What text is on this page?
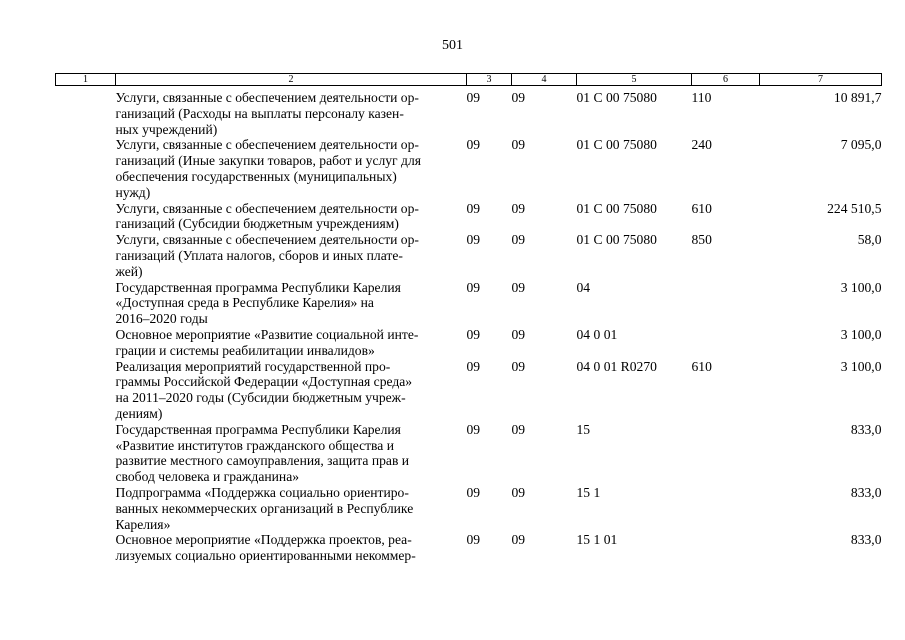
501
1	2	3	4	5	6	7

	Услуги, связанные с обеспечением деятельности ор-
ганизаций (Расходы на выплаты персоналу казен-
ных учреждений)	09	09	01 С 00 75080	110	10 891,7

	Услуги, связанные с обеспечением деятельности ор-
ганизаций (Иные закупки товаров, работ и услуг для
обеспечения государственных (муниципальных)
нужд)	09	09	01 С 00 75080	240	7 095,0

	Услуги, связанные с обеспечением деятельности ор-
ганизаций (Субсидии бюджетным учреждениям)	09	09	01 С 00 75080	610	224 510,5

	Услуги, связанные с обеспечением деятельности ор-
ганизаций (Уплата налогов, сборов и иных плате-
жей)	09	09	01 С 00 75080	850	58,0

	Государственная программа Республики Карелия
«Доступная среда в Республике Карелия» на
2016–2020 годы	09	09	04		3 100,0

	Основное мероприятие «Развитие социальной инте-
грации и системы реабилитации инвалидов»	09	09	04 0 01		3 100,0

	Реализация мероприятий государственной про-
граммы Российской Федерации «Доступная среда»
на 2011–2020 годы (Субсидии бюджетным учреж-
дениям)	09	09	04 0 01 R0270	610	3 100,0

	Государственная программа Республики Карелия
«Развитие институтов гражданского общества и
развитие местного самоуправления, защита прав и
свобод человека и гражданина»	09	09	15		833,0

	Подпрограмма «Поддержка социально ориентиро-
ванных некоммерческих организаций в Республике
Карелия»	09	09	15 1		833,0

	Основное мероприятие «Поддержка проектов, реа-
лизуемых социально ориентированными некоммер-	09	09	15 1 01		833,0
